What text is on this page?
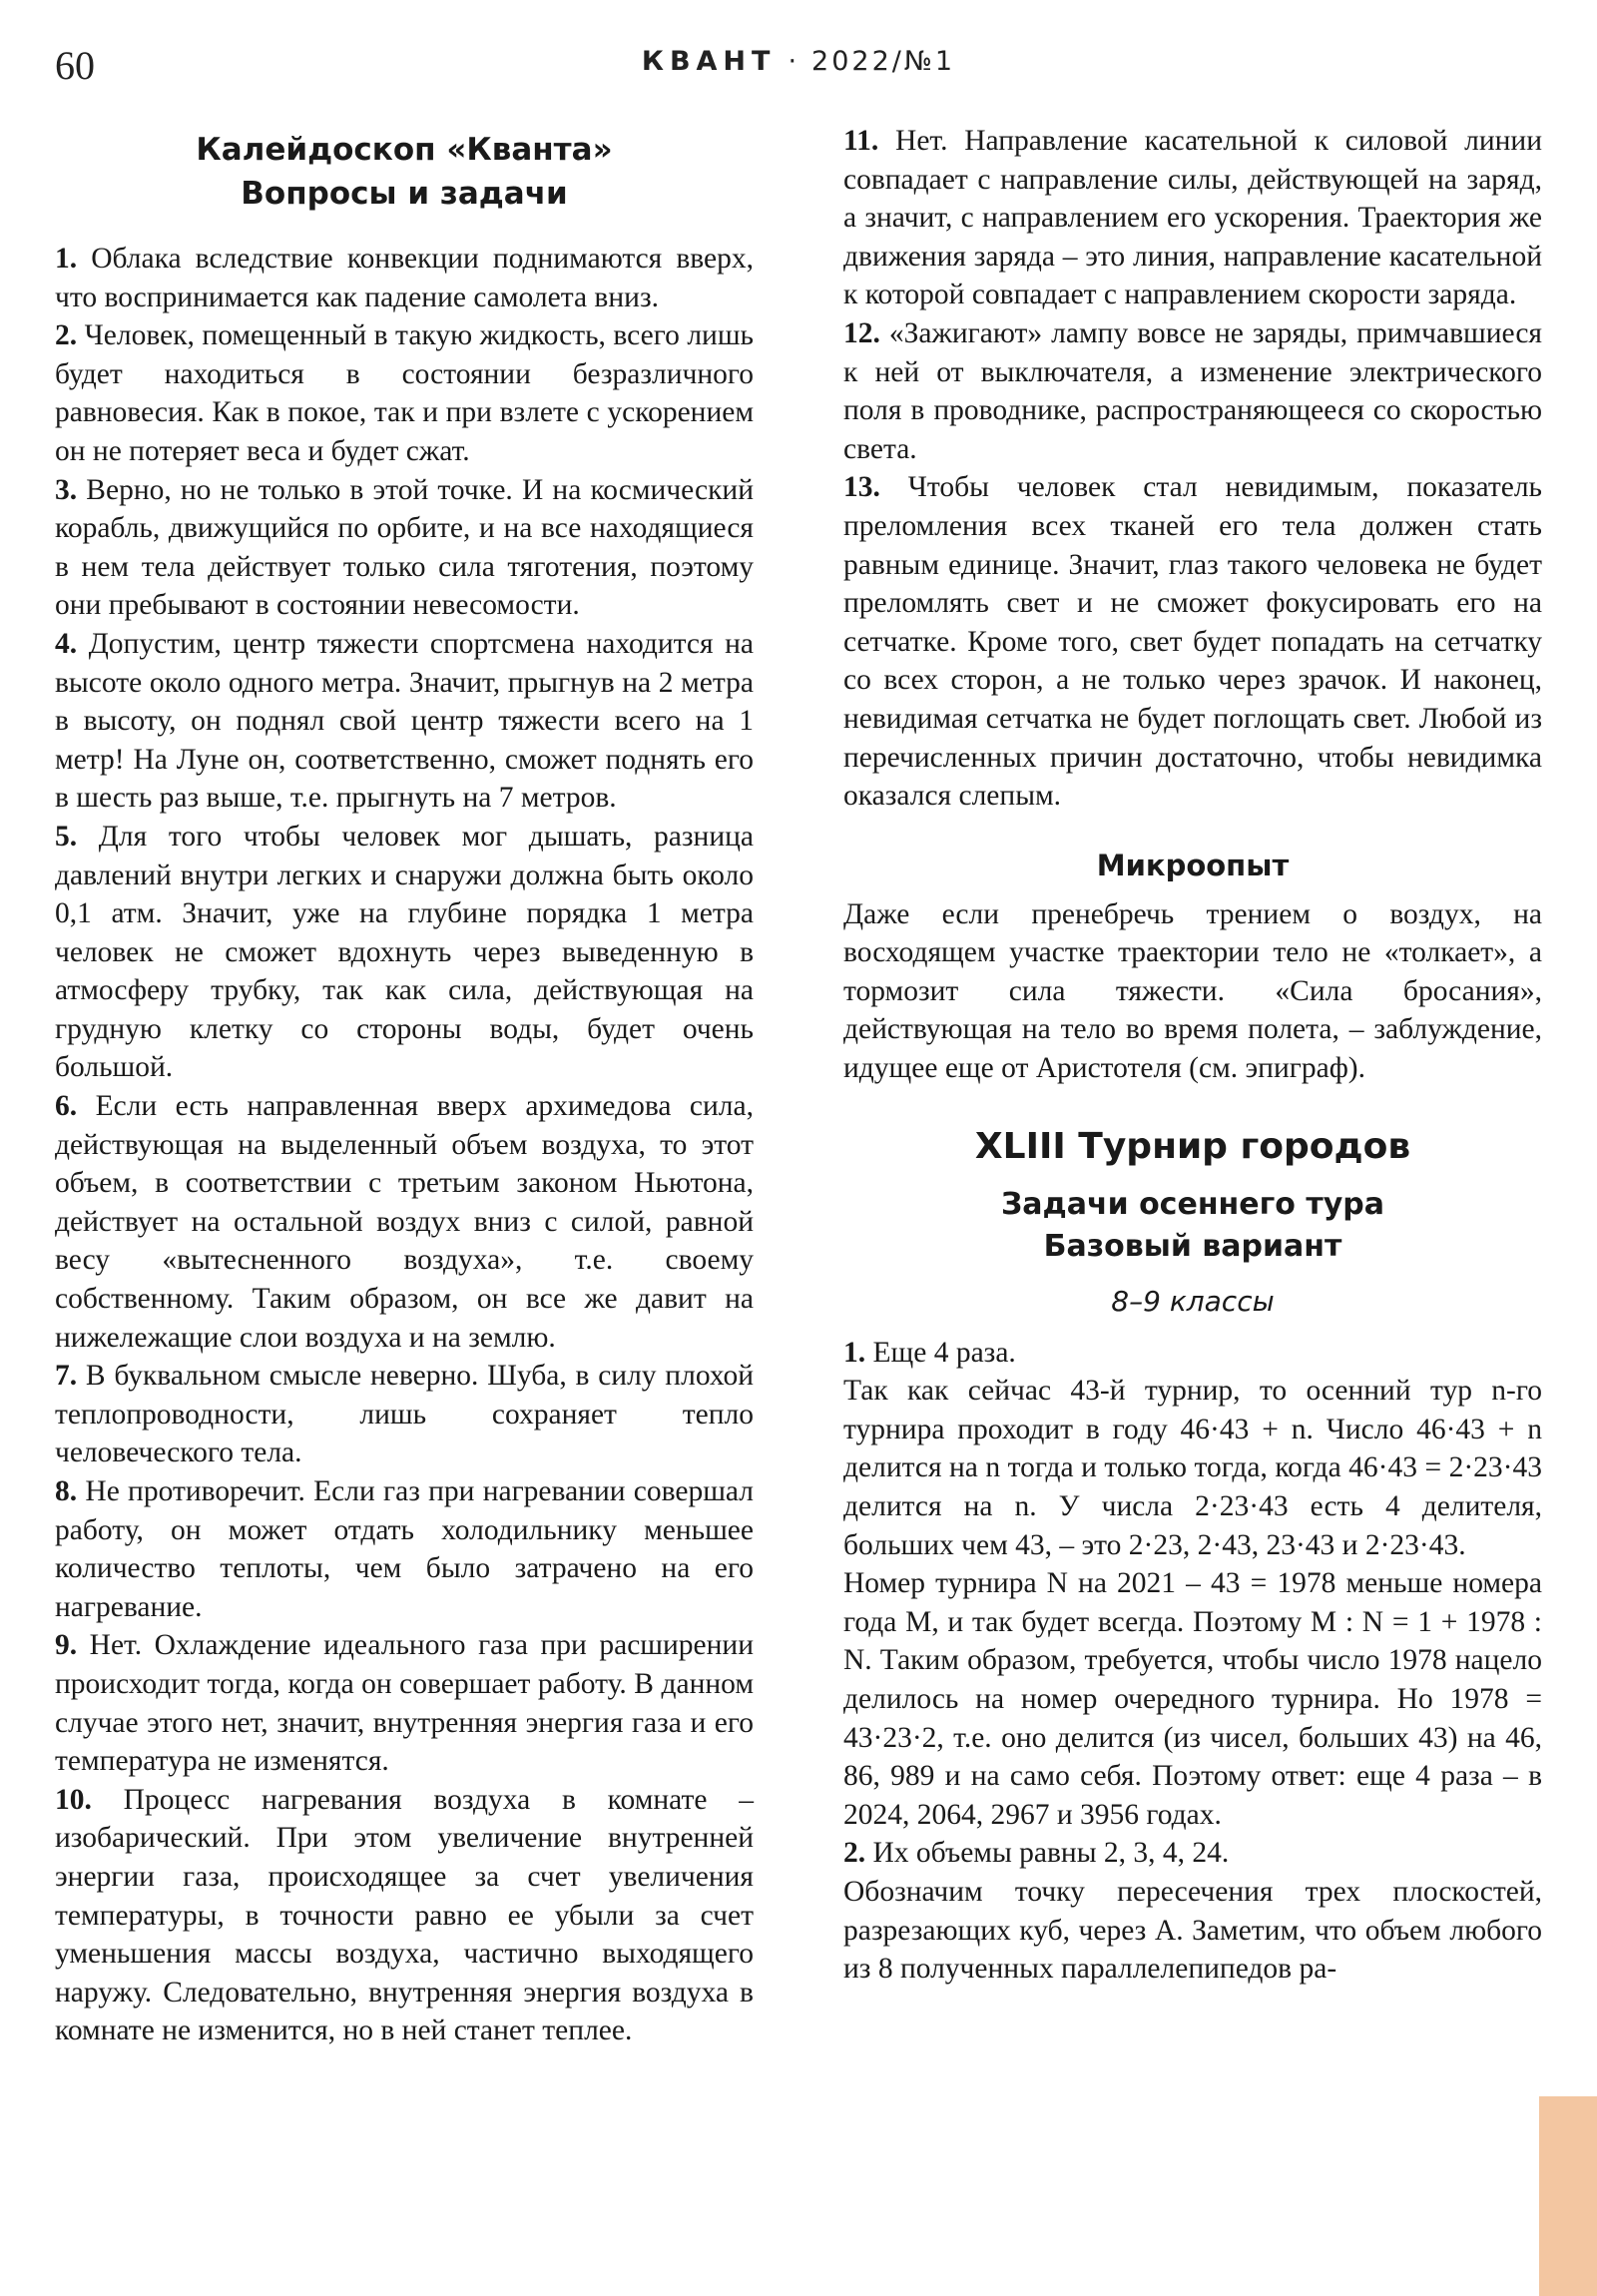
60	КВАНТ · 2022/№1
Калейдоскоп «Кванта»
Вопросы и задачи

1. Облака вследствие конвекции поднимаются вверх, что воспринимается как падение самолета вниз.

2. Человек, помещенный в такую жидкость, всего лишь будет находиться в состоянии безразличного равновесия. Как в покое, так и при взлете с ускорением он не потеряет веса и будет сжат.

3. Верно, но не только в этой точке. И на космический корабль, движущийся по орбите, и на все находящиеся в нем тела действует только сила тяготения, поэтому они пребывают в состоянии невесомости.

4. Допустим, центр тяжести спортсмена находится на высоте около одного метра. Значит, прыгнув на 2 метра в высоту, он поднял свой центр тяжести всего на 1 метр! На Луне он, соответственно, сможет поднять его в шесть раз выше, т.е. прыгнуть на 7 метров.

5. Для того чтобы человек мог дышать, разница давлений внутри легких и снаружи должна быть около 0,1 атм. Значит, уже на глубине порядка 1 метра человек не сможет вдохнуть через выведенную в атмосферу трубку, так как сила, действующая на грудную клетку со стороны воды, будет очень большой.

6. Если есть направленная вверх архимедова сила, действующая на выделенный объем воздуха, то этот объем, в соответствии с третьим законом Ньютона, действует на остальной воздух вниз с силой, равной весу «вытесненного воздуха», т.е. своему собственному. Таким образом, он все же давит на нижележащие слои воздуха и на землю.

7. В буквальном смысле неверно. Шуба, в силу плохой теплопроводности, лишь сохраняет тепло человеческого тела.

8. Не противоречит. Если газ при нагревании совершал работу, он может отдать холодильнику меньшее количество теплоты, чем было затрачено на его нагревание.

9. Нет. Охлаждение идеального газа при расширении происходит тогда, когда он совершает работу. В данном случае этого нет, значит, внутренняя энергия газа и его температура не изменятся.

10. Процесс нагревания воздуха в комнате – изобарический. При этом увеличение внутренней энергии газа, происходящее за счет увеличения температуры, в точности равно ее убыли за счет уменьшения массы воздуха, частично выходящего наружу. Следовательно, внутренняя энергия воздуха в комнате не изменится, но в ней станет теплее.

11. Нет. Направление касательной к силовой линии совпадает с направление силы, действующей на заряд, а значит, с направлением его ускорения. Траектория же движения заряда – это линия, направление касательной к которой совпадает с направлением скорости заряда.

12. «Зажигают» лампу вовсе не заряды, примчавшиеся к ней от выключателя, а изменение электрического поля в проводнике, распространяющееся со скоростью света.

13. Чтобы человек стал невидимым, показатель преломления всех тканей его тела должен стать равным единице. Значит, глаз такого человека не будет преломлять свет и не сможет фокусировать его на сетчатке. Кроме того, свет будет попадать на сетчатку со всех сторон, а не только через зрачок. И наконец, невидимая сетчатка не будет поглощать свет. Любой из перечисленных причин достаточно, чтобы невидимка оказался слепым.

Микроопыт

Даже если пренебречь трением о воздух, на восходящем участке траектории тело не «толкает», а тормозит сила тяжести. «Сила бросания», действующая на тело во время полета, – заблуждение, идущее еще от Аристотеля (см. эпиграф).

XLIII Турнир городов
Задачи осеннего тура
Базовый вариант
8–9 классы

1. Еще 4 раза.

Так как сейчас 43-й турнир, то осенний тур n-го турнира проходит в году 46·43 + n. Число 46·43 + n делится на n тогда и только тогда, когда 46·43 = 2·23·43 делится на n. У числа 2·23·43 есть 4 делителя, больших чем 43, – это 2·23, 2·43, 23·43 и 2·23·43.

Номер турнира N на 2021 – 43 = 1978 меньше номера года M, и так будет всегда. Поэтому M : N = 1 + 1978 : N. Таким образом, требуется, чтобы число 1978 нацело делилось на номер очередного турнира. Но 1978 = 43·23·2, т.е. оно делится (из чисел, больших 43) на 46, 86, 989 и на само себя. Поэтому ответ: еще 4 раза – в 2024, 2064, 2967 и 3956 годах.

2. Их объемы равны 2, 3, 4, 24.

Обозначим точку пересечения трех плоскостей, разрезающих куб, через A. Заметим, что объем любого из 8 полученных параллелепипедов ра-
